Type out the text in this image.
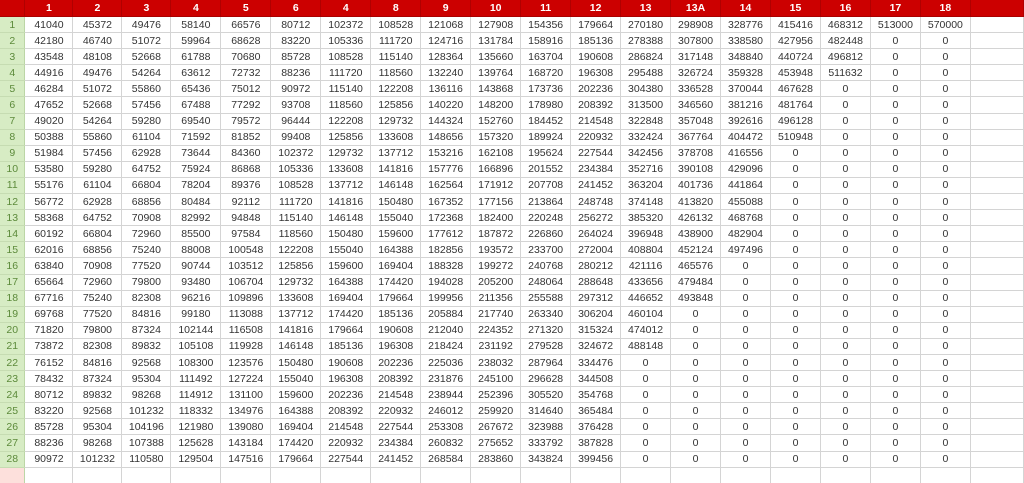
	1	2	3	4	5	6	4	8	9	10	11	12	13	13A	14	15	16	17	18	
1	41040	45372	49476	58140	66576	80712	102372	108528	121068	127908	154356	179664	270180	298908	328776	415416	468312	513000	570000	
2	42180	46740	51072	59964	68628	83220	105336	111720	124716	131784	158916	185136	278388	307800	338580	427956	482448	0	0	
3	43548	48108	52668	61788	70680	85728	108528	115140	128364	135660	163704	190608	286824	317148	348840	440724	496812	0	0	
4	44916	49476	54264	63612	72732	88236	111720	118560	132240	139764	168720	196308	295488	326724	359328	453948	511632	0	0	
5	46284	51072	55860	65436	75012	90972	115140	122208	136116	143868	173736	202236	304380	336528	370044	467628	0	0	0	
6	47652	52668	57456	67488	77292	93708	118560	125856	140220	148200	178980	208392	313500	346560	381216	481764	0	0	0	
7	49020	54264	59280	69540	79572	96444	122208	129732	144324	152760	184452	214548	322848	357048	392616	496128	0	0	0	
8	50388	55860	61104	71592	81852	99408	125856	133608	148656	157320	189924	220932	332424	367764	404472	510948	0	0	0	
9	51984	57456	62928	73644	84360	102372	129732	137712	153216	162108	195624	227544	342456	378708	416556	0	0	0	0	
10	53580	59280	64752	75924	86868	105336	133608	141816	157776	166896	201552	234384	352716	390108	429096	0	0	0	0	
11	55176	61104	66804	78204	89376	108528	137712	146148	162564	171912	207708	241452	363204	401736	441864	0	0	0	0	
12	56772	62928	68856	80484	92112	111720	141816	150480	167352	177156	213864	248748	374148	413820	455088	0	0	0	0	
13	58368	64752	70908	82992	94848	115140	146148	155040	172368	182400	220248	256272	385320	426132	468768	0	0	0	0	
14	60192	66804	72960	85500	97584	118560	150480	159600	177612	187872	226860	264024	396948	438900	482904	0	0	0	0	
15	62016	68856	75240	88008	100548	122208	155040	164388	182856	193572	233700	272004	408804	452124	497496	0	0	0	0	
16	63840	70908	77520	90744	103512	125856	159600	169404	188328	199272	240768	280212	421116	465576	0	0	0	0	0	
17	65664	72960	79800	93480	106704	129732	164388	174420	194028	205200	248064	288648	433656	479484	0	0	0	0	0	
18	67716	75240	82308	96216	109896	133608	169404	179664	199956	211356	255588	297312	446652	493848	0	0	0	0	0	
19	69768	77520	84816	99180	113088	137712	174420	185136	205884	217740	263340	306204	460104	0	0	0	0	0	0	
20	71820	79800	87324	102144	116508	141816	179664	190608	212040	224352	271320	315324	474012	0	0	0	0	0	0	
21	73872	82308	89832	105108	119928	146148	185136	196308	218424	231192	279528	324672	488148	0	0	0	0	0	0	
22	76152	84816	92568	108300	123576	150480	190608	202236	225036	238032	287964	334476	0	0	0	0	0	0	0	
23	78432	87324	95304	111492	127224	155040	196308	208392	231876	245100	296628	344508	0	0	0	0	0	0	0	
24	80712	89832	98268	114912	131100	159600	202236	214548	238944	252396	305520	354768	0	0	0	0	0	0	0	
25	83220	92568	101232	118332	134976	164388	208392	220932	246012	259920	314640	365484	0	0	0	0	0	0	0	
26	85728	95304	104196	121980	139080	169404	214548	227544	253308	267672	323988	376428	0	0	0	0	0	0	0	
27	88236	98268	107388	125628	143184	174420	220932	234384	260832	275652	333792	387828	0	0	0	0	0	0	0	
28	90972	101232	110580	129504	147516	179664	227544	241452	268584	283860	343824	399456	0	0	0	0	0	0	0	
